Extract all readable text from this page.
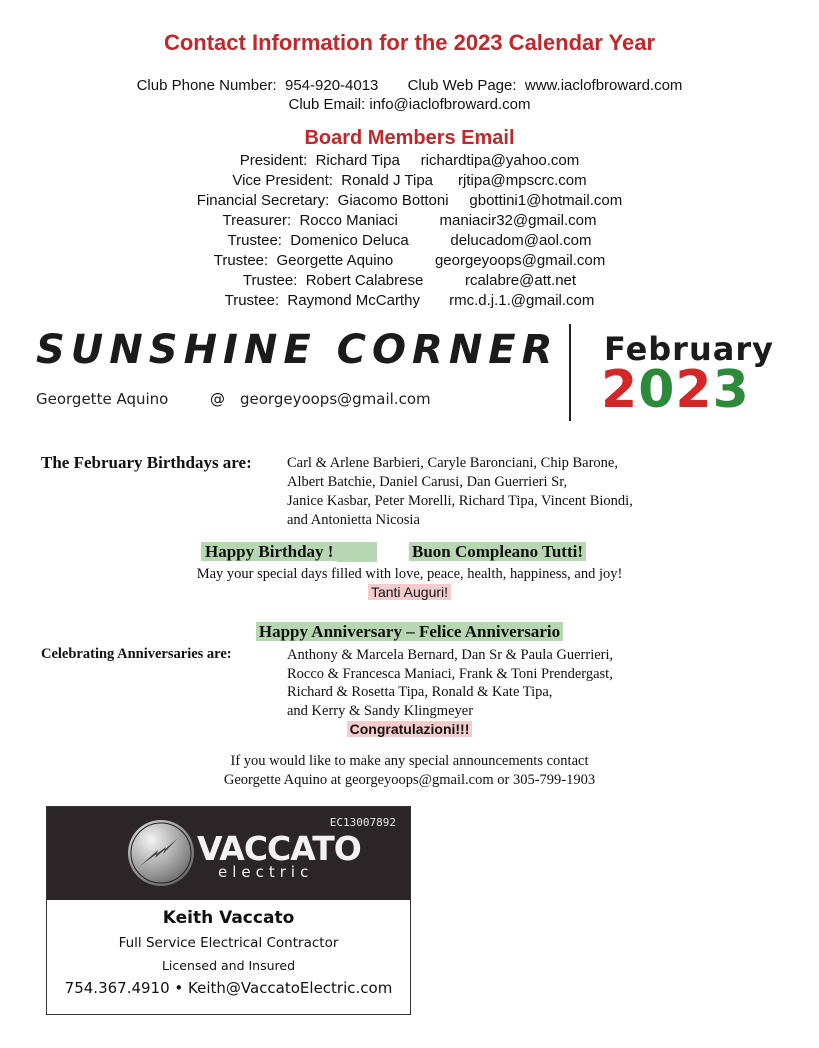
Contact Information for the 2023 Calendar Year
Club Phone Number:  954-920-4013       Club Web Page:  www.iaclofbroward.com
Club Email: info@iaclofbroward.com
Board Members Email
President:  Richard Tipa     richardtipa@yahoo.com
Vice President:  Ronald J Tipa      rjtipa@mpscrc.com
Financial Secretary:  Giacomo Bottoni     gbottini1@hotmail.com
Treasurer:  Rocco Maniaci          maniacir32@gmail.com
Trustee:  Domenico Deluca          delucadom@aol.com
Trustee:  Georgette Aquino          georgeyoops@gmail.com
Trustee:  Robert Calabrese          rcalabre@att.net
Trustee:  Raymond McCarthy       rmc.d.j.1.@gmail.com
SUNSHINE CORNER
Georgette Aquino	@ georgeyoops@gmail.com
February
2023
The February Birthdays are: Carl & Arlene Barbieri, Caryle Baronciani, Chip Barone,
Albert Batchie, Daniel Carusi, Dan Guerrieri Sr,
Janice Kasbar, Peter Morelli, Richard Tipa, Vincent Biondi,
and Antonietta Nicosia
Happy Birthday !	Buon Compleano Tutti!
May your special days filled with love, peace, health, happiness, and joy!
Tanti Auguri!
Happy Anniversary – Felice Anniversario
Celebrating Anniversaries are:	Anthony & Marcela Bernard, Dan Sr & Paula Guerrieri,
Rocco & Francesca Maniaci, Frank & Toni Prendergast,
Richard & Rosetta Tipa, Ronald & Kate Tipa,
and Kerry & Sandy Klingmeyer
Congratulazioni!!!
If you would like to make any special announcements contact
Georgette Aquino at georgeyoops@gmail.com or 305-799-1903
EC13007892
VACCATO
electric
Keith Vaccato
Full Service Electrical Contractor
Licensed and Insured
754.367.4910 • Keith@VaccatoElectric.com
